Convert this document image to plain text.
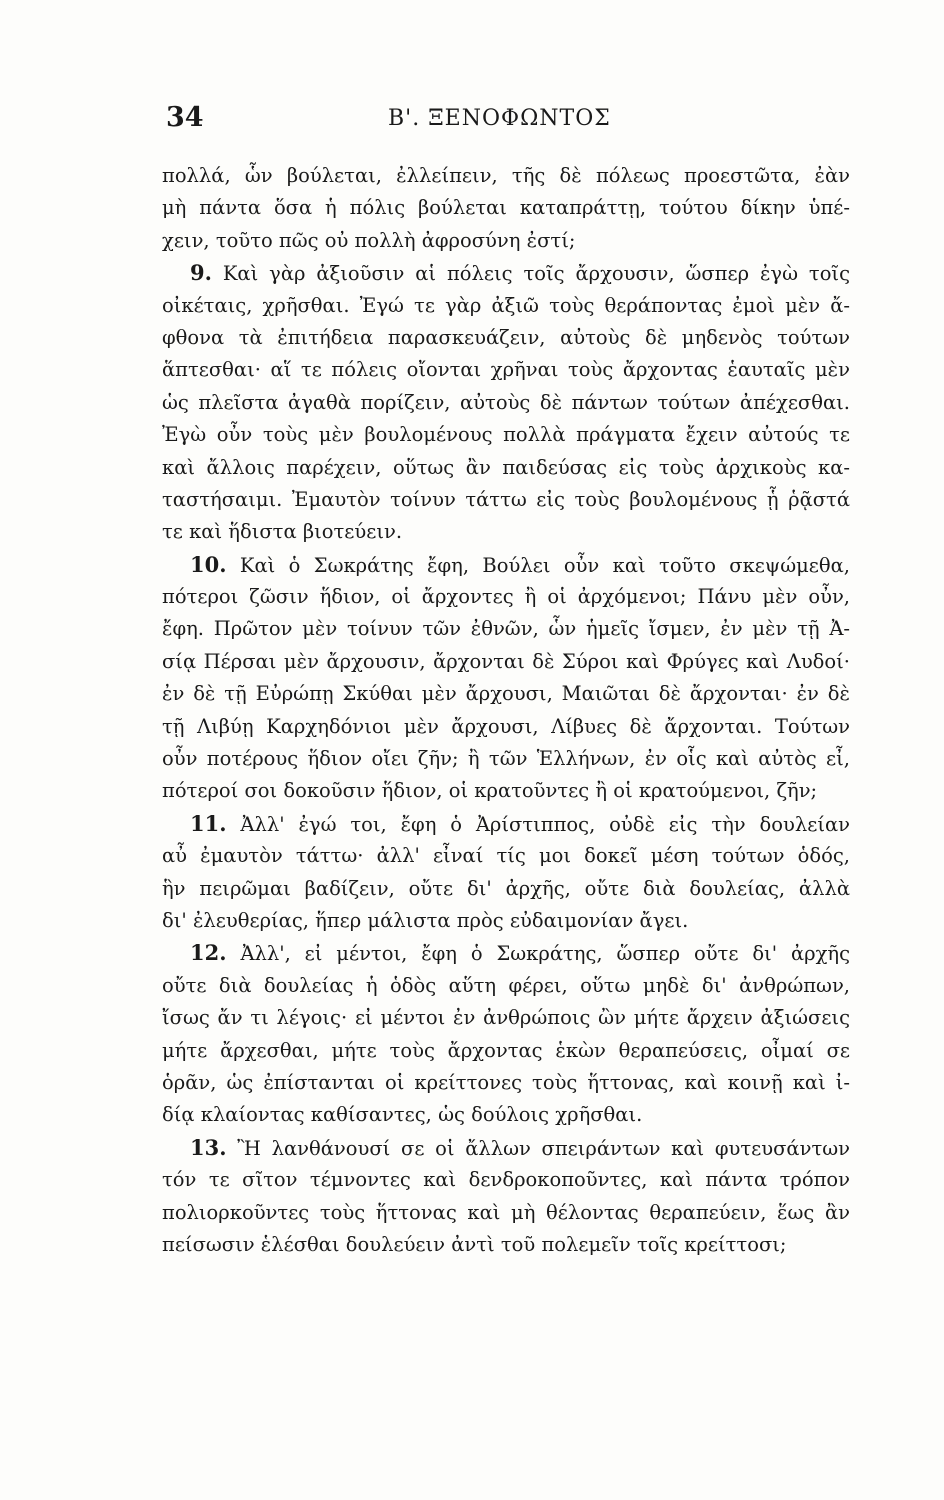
34	Β'. ΞΕΝΟΦΩΝΤΟΣ
πολλά, ὧν βούλεται, ἐλλείπειν, τῆς δὲ πόλεως προεστῶτα, ἐὰν
μὴ πάντα ὅσα ἡ πόλις βούλεται καταπράττῃ, τούτου δίκην ὑπέ-
χειν, τοῦτο πῶς οὐ πολλὴ ἀφροσύνη ἐστί;
9. Καὶ γὰρ ἀξιοῦσιν αἱ πόλεις τοῖς ἄρχουσιν, ὥσπερ ἐγὼ τοῖς
οἰκέταις, χρῆσθαι. Ἐγώ τε γὰρ ἀξιῶ τοὺς θεράποντας ἐμοὶ μὲν ἄ-
φθονα τὰ ἐπιτήδεια παρασκευάζειν, αὐτοὺς δὲ μηδενὸς τούτων
ἅπτεσθαι· αἵ τε πόλεις οἴονται χρῆναι τοὺς ἄρχοντας ἑαυταῖς μὲν
ὡς πλεῖστα ἀγαθὰ πορίζειν, αὐτοὺς δὲ πάντων τούτων ἀπέχεσθαι.
Ἐγὼ οὖν τοὺς μὲν βουλομένους πολλὰ πράγματα ἔχειν αὐτούς τε
καὶ ἄλλοις παρέχειν, οὕτως ἂν παιδεύσας εἰς τοὺς ἀρχικοὺς κα-
ταστήσαιμι. Ἐμαυτὸν τοίνυν τάττω εἰς τοὺς βουλομένους ᾗ ῥᾷστά
τε καὶ ἥδιστα βιοτεύειν.
10. Καὶ ὁ Σωκράτης ἔφη, Βούλει οὖν καὶ τοῦτο σκεψώμεθα,
πότεροι ζῶσιν ἥδιον, οἱ ἄρχοντες ἢ οἱ ἀρχόμενοι; Πάνυ μὲν οὖν,
ἔφη. Πρῶτον μὲν τοίνυν τῶν ἐθνῶν, ὧν ἡμεῖς ἴσμεν, ἐν μὲν τῇ Ἀ-
σίᾳ Πέρσαι μὲν ἄρχουσιν, ἄρχονται δὲ Σύροι καὶ Φρύγες καὶ Λυδοί·
ἐν δὲ τῇ Εὐρώπῃ Σκύθαι μὲν ἄρχουσι, Μαιῶται δὲ ἄρχονται· ἐν δὲ
τῇ Λιβύῃ Καρχηδόνιοι μὲν ἄρχουσι, Λίβυες δὲ ἄρχονται. Τούτων
οὖν ποτέρους ἥδιον οἴει ζῆν; ἢ τῶν Ἑλλήνων, ἐν οἷς καὶ αὐτὸς εἶ,
πότεροί σοι δοκοῦσιν ἥδιον, οἱ κρατοῦντες ἢ οἱ κρατούμενοι, ζῆν;
11. Ἀλλ' ἐγώ τοι, ἔφη ὁ Ἀρίστιππος, οὐδὲ εἰς τὴν δουλείαν
αὖ ἐμαυτὸν τάττω· ἀλλ' εἶναί τίς μοι δοκεῖ μέση τούτων ὁδός,
ἣν πειρῶμαι βαδίζειν, οὔτε δι' ἀρχῆς, οὔτε διὰ δουλείας, ἀλλὰ
δι' ἐλευθερίας, ἥπερ μάλιστα πρὸς εὐδαιμονίαν ἄγει.
12. Ἀλλ', εἰ μέντοι, ἔφη ὁ Σωκράτης, ὥσπερ οὔτε δι' ἀρχῆς
οὔτε διὰ δουλείας ἡ ὁδὸς αὕτη φέρει, οὕτω μηδὲ δι' ἀνθρώπων,
ἴσως ἄν τι λέγοις· εἰ μέντοι ἐν ἀνθρώποις ὢν μήτε ἄρχειν ἀξιώσεις
μήτε ἄρχεσθαι, μήτε τοὺς ἄρχοντας ἑκὼν θεραπεύσεις, οἶμαί σε
ὁρᾶν, ὡς ἐπίστανται οἱ κρείττονες τοὺς ἥττονας, καὶ κοινῇ καὶ ἰ-
δίᾳ κλαίοντας καθίσαντες, ὡς δούλοις χρῆσθαι.
13. Ἢ λανθάνουσί σε οἱ ἄλλων σπειράντων καὶ φυτευσάντων
τόν τε σῖτον τέμνοντες καὶ δενδροκοποῦντες, καὶ πάντα τρόπον
πολιορκοῦντες τοὺς ἥττονας καὶ μὴ θέλοντας θεραπεύειν, ἕως ἂν
πείσωσιν ἑλέσθαι δουλεύειν ἀντὶ τοῦ πολεμεῖν τοῖς κρείττοσι;
